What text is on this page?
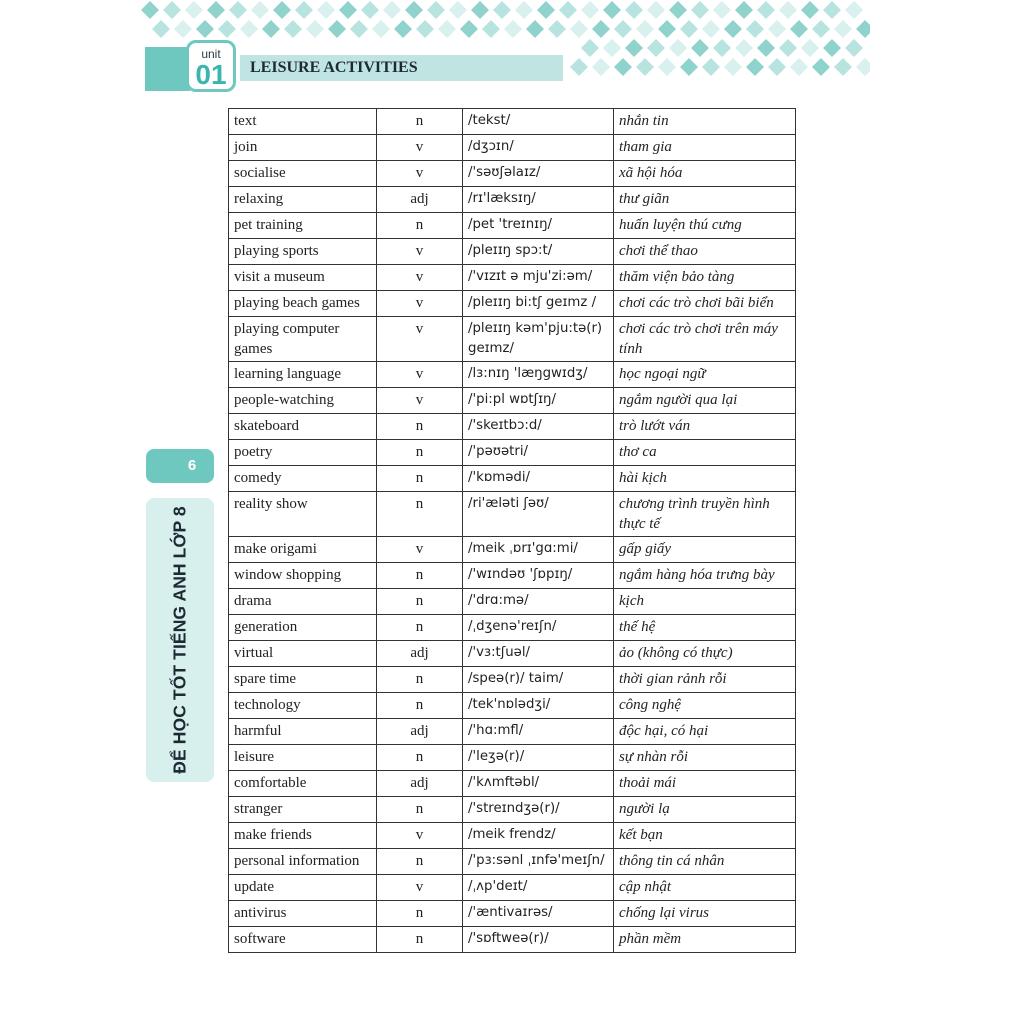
unit
01	LEISURE ACTIVITIES
6
ĐỂ HỌC TỐT TIẾNG ANH LỚP 8
text	n	/tekst/	nhắn tin
join	v	/dʒɔɪn/	tham gia
socialise	v	/'səʊʃəlaɪz/	xã hội hóa
relaxing	adj	/rɪ'læksɪŋ/	thư giãn
pet training	n	/pet 'treɪnɪŋ/	huấn luyện thú cưng
playing sports	v	/pleɪɪŋ spɔ:t/	chơi thể thao
visit a museum	v	/'vɪzɪt ə mju'zi:əm/	thăm viện bảo tàng
playing beach games	v	/pleɪɪŋ bi:tʃ geɪmz /	chơi các trò chơi bãi biển
playing computer games	v	/pleɪɪŋ kəm'pju:tə(r) geɪmz/	chơi các trò chơi trên máy tính
learning language	v	/lɜ:nɪŋ 'læŋgwɪdʒ/	học ngoại ngữ
people-watching	v	/'pi:pl wɒtʃɪŋ/	ngắm người qua lại
skateboard	n	/'skeɪtbɔ:d/	trò lướt ván
poetry	n	/'pəʊətri/	thơ ca
comedy	n	/'kɒmədi/	hài kịch
reality show	n	/ri'æləti ʃəʊ/	chương trình truyền hình thực tế
make origami	v	/meik ˌɒrɪ'gɑ:mi/	gấp giấy
window shopping	n	/'wɪndəʊ 'ʃɒpɪŋ/	ngắm hàng hóa trưng bày
drama	n	/'drɑ:mə/	kịch
generation	n	/ˌdʒenə'reɪʃn/	thế hệ
virtual	adj	/'vɜ:tʃuəl/	ảo (không có thực)
spare time	n	/speə(r)/ taim/	thời gian rảnh rỗi
technology	n	/tek'nɒlədʒi/	công nghệ
harmful	adj	/'hɑ:mfl/	độc hại, có hại
leisure	n	/'leʒə(r)/	sự nhàn rỗi
comfortable	adj	/'kʌmftəbl/	thoải mái
stranger	n	/'streɪndʒə(r)/	người lạ
make friends	v	/meik frendz/	kết bạn
personal information	n	/'pɜ:sənl ˌɪnfə'meɪʃn/	thông tin cá nhân
update	v	/ˌʌp'deɪt/	cập nhật
antivirus	n	/'æntivaɪrəs/	chống lại virus
software	n	/'sɒftweə(r)/	phần mềm
